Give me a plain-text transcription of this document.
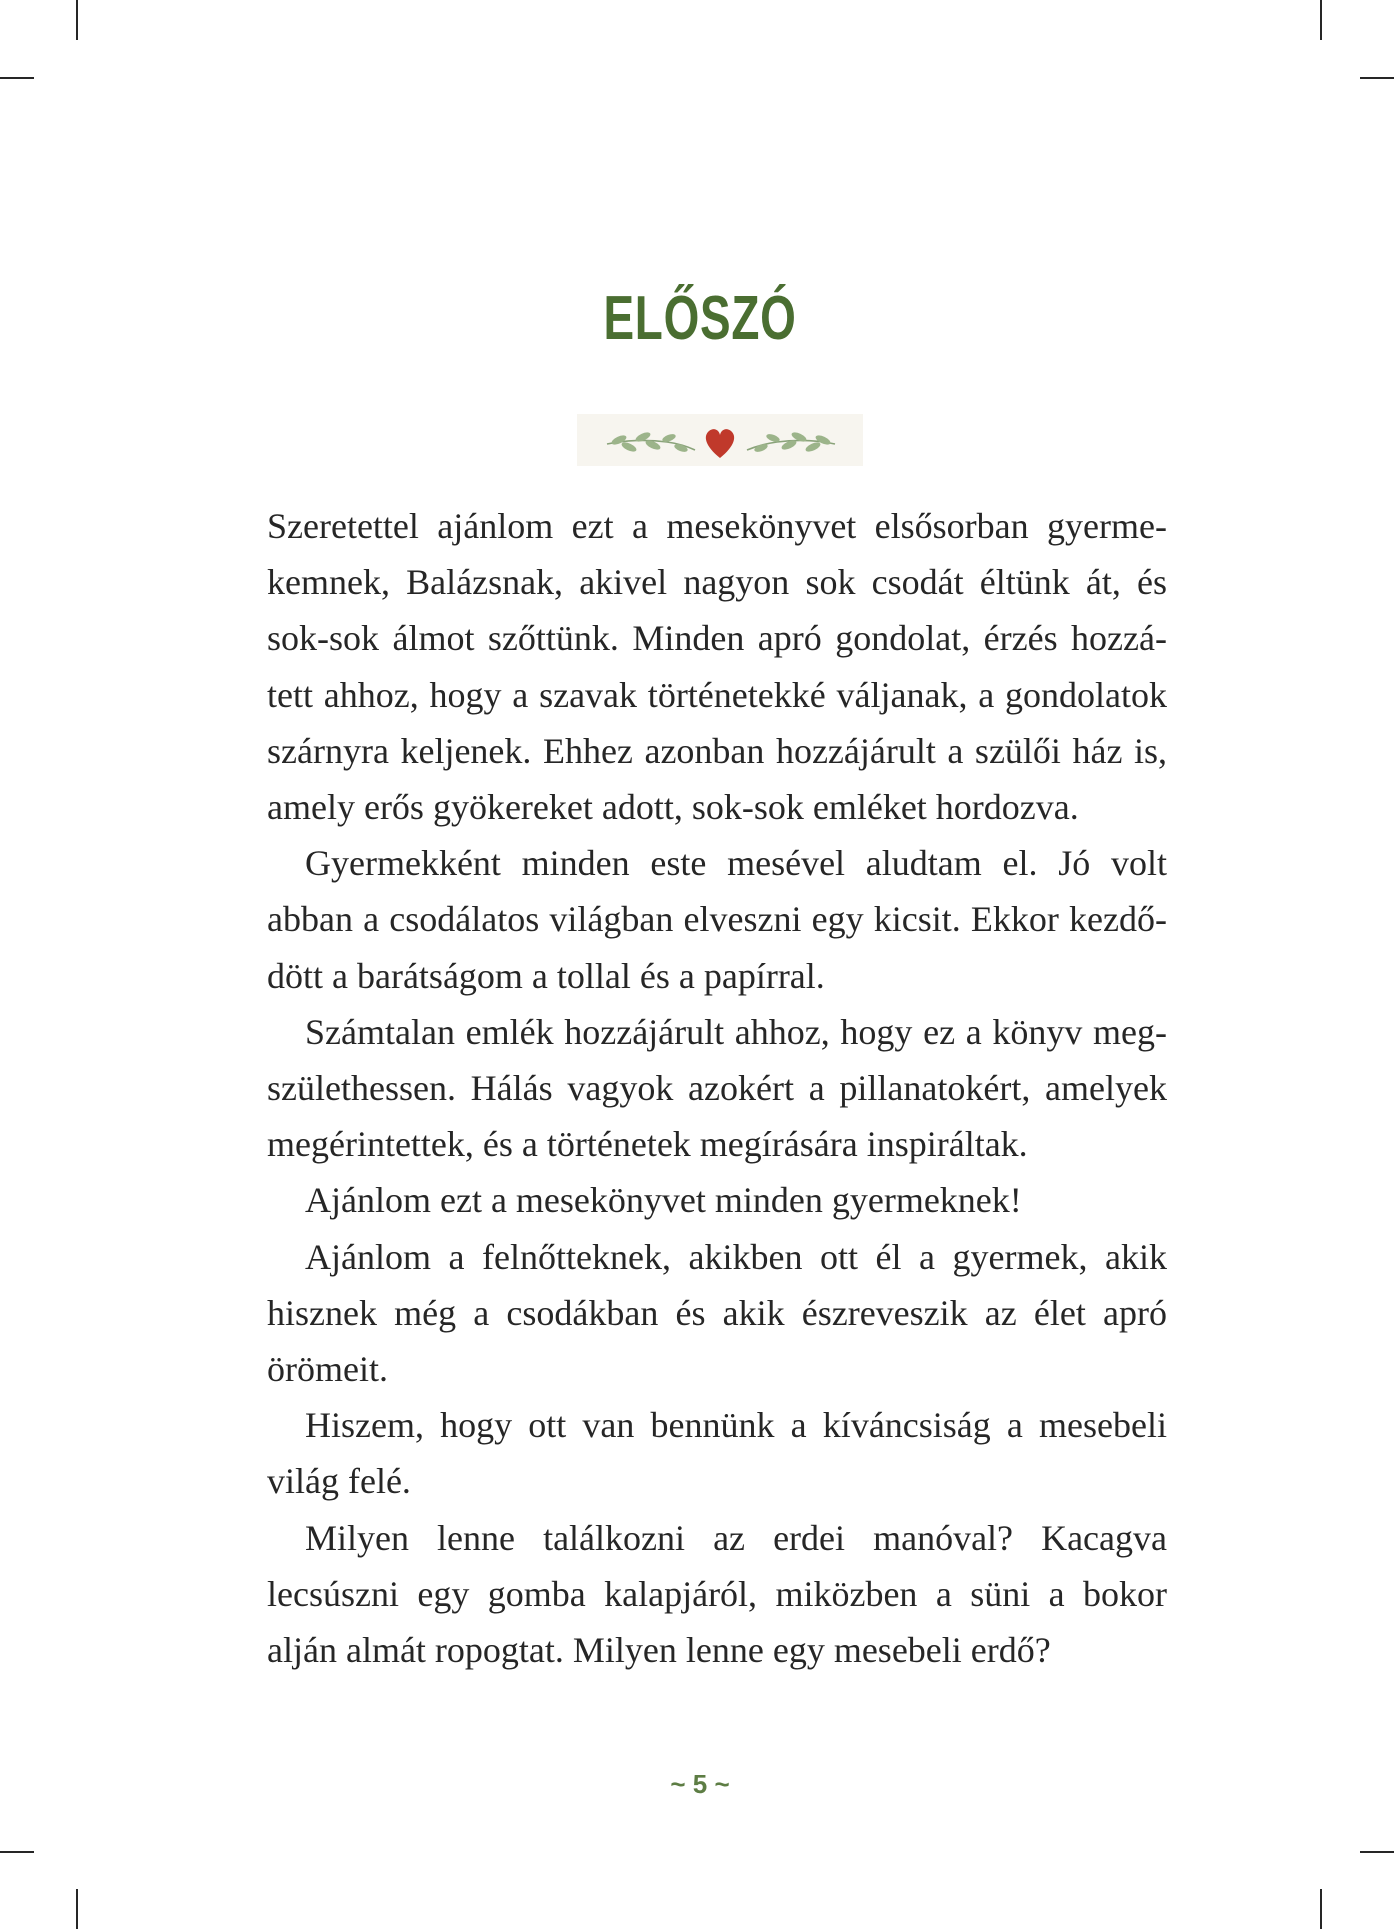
ELŐSZÓ

Szeretettel ajánlom ezt a mesekönyvet elsősorban gyermekemnek, Balázsnak, akivel nagyon sok csodát éltünk át, és sok-sok álmot szőttünk. Minden apró gondolat, érzés hozzátett ahhoz, hogy a szavak történetekké váljanak, a gondolatok szárnyra keljenek. Ehhez azonban hozzájárult a szülői ház is, amely erős gyökereket adott, sok-sok emléket hordozva.

Gyermekként minden este mesével aludtam el. Jó volt abban a csodálatos világban elveszni egy kicsit. Ekkor kezdődött a barátságom a tollal és a papírral.

Számtalan emlék hozzájárult ahhoz, hogy ez a könyv megszülethessen. Hálás vagyok azokért a pillanatokért, amelyek megérintettek, és a történetek megírására inspiráltak.

Ajánlom ezt a mesekönyvet minden gyermeknek!

Ajánlom a felnőtteknek, akikben ott él a gyermek, akik hisznek még a csodákban és akik észreveszik az élet apró örömeit.

Hiszem, hogy ott van bennünk a kíváncsiság a mesebeli világ felé.

Milyen lenne találkozni az erdei manóval? Kacagva lecsúszni egy gomba kalapjáról, miközben a süni a bokor alján almát ropogtat. Milyen lenne egy mesebeli erdő?

~ 5 ~
